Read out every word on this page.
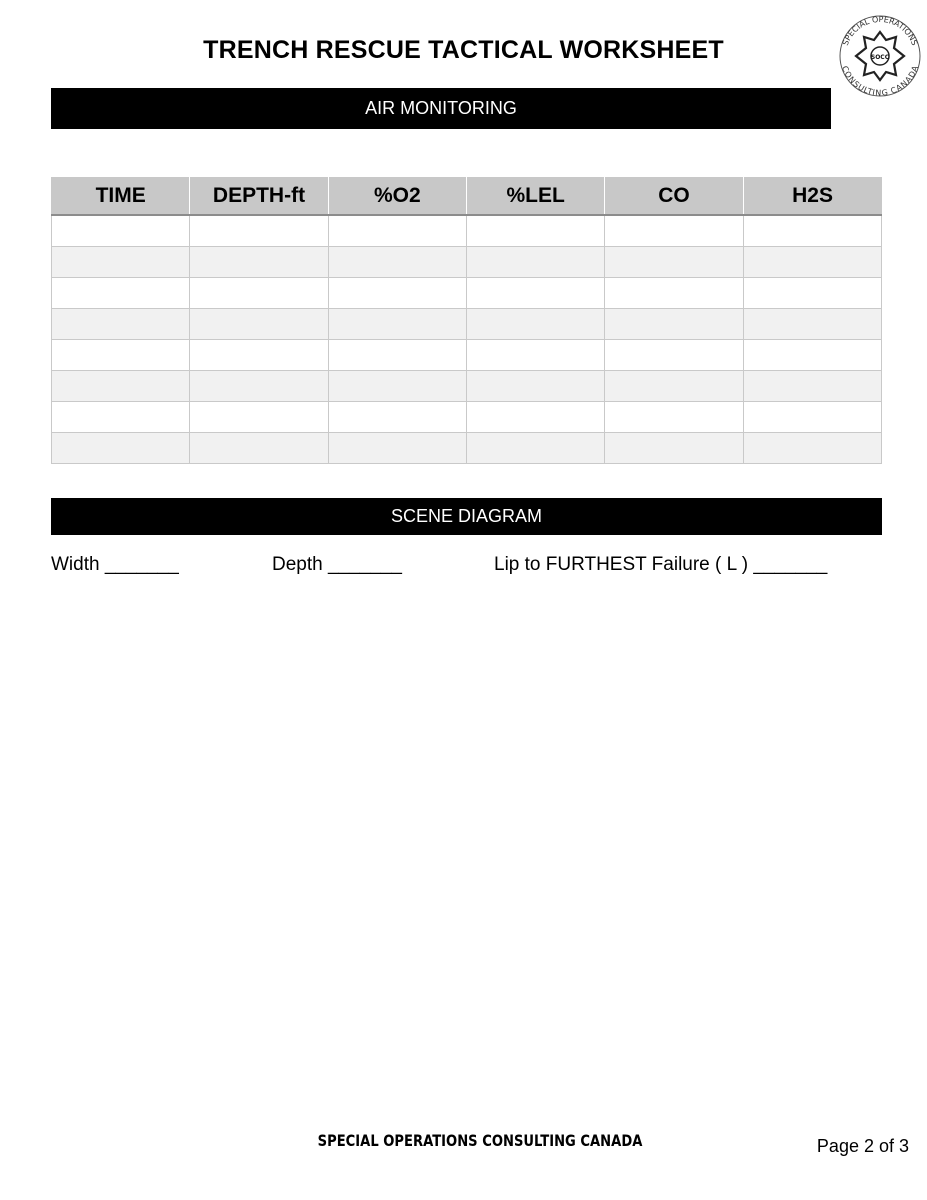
TRENCH RESCUE TACTICAL WORKSHEET	SPECIAL OPERATIONS
CONSULTING CANADA
SOCC
AIR MONITORING
TIME	DEPTH-ft	%O2	%LEL	CO	H2S

SCENE DIAGRAM
Width _______	Depth _______	Lip to FURTHEST Failure ( L ) _______
SPECIAL OPERATIONS CONSULTING CANADA	Page 2 of 3
